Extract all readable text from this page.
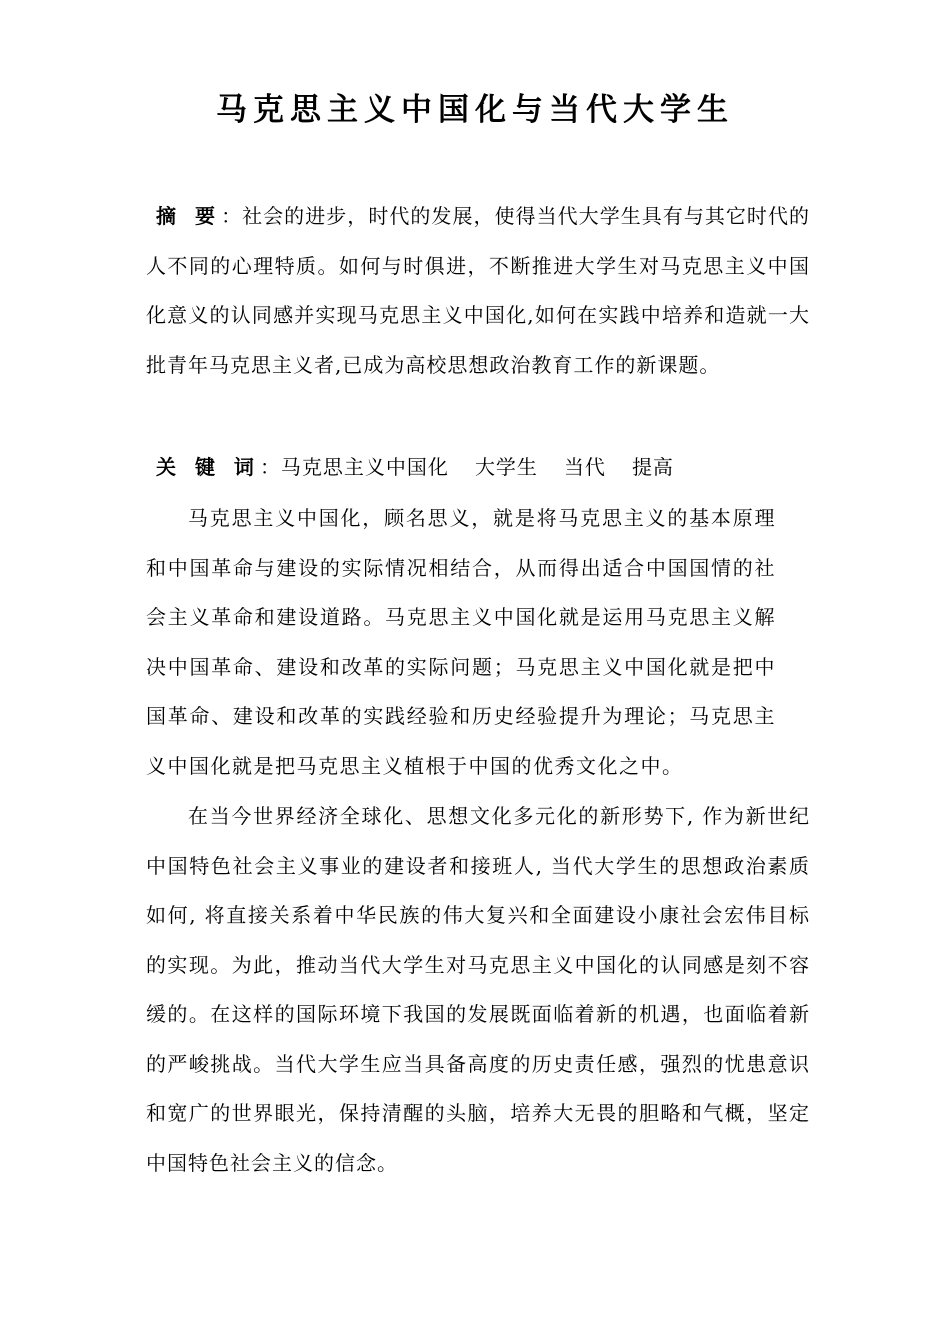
马克思主义中国化与当代大学生
摘 要：社会的进步，时代的发展，使得当代大学生具有与其它时代的人不同的心理特质。如何与时俱进，不断推进大学生对马克思主义中国化意义的认同感并实现马克思主义中国化,如何在实践中培养和造就一大批青年马克思主义者,已成为高校思想政治教育工作的新课题。
关 键 词：马克思主义中国化 大学生 当代 提高
马克思主义中国化，顾名思义，就是将马克思主义的基本原理和中国革命与建设的实际情况相结合，从而得出适合中国国情的社会主义革命和建设道路。马克思主义中国化就是运用马克思主义解决中国革命、建设和改革的实际问题；马克思主义中国化就是把中国革命、建设和改革的实践经验和历史经验提升为理论；马克思主义中国化就是把马克思主义植根于中国的优秀文化之中。
在当今世界经济全球化、思想文化多元化的新形势下, 作为新世纪中国特色社会主义事业的建设者和接班人, 当代大学生的思想政治素质如何, 将直接关系着中华民族的伟大复兴和全面建设小康社会宏伟目标的实现。为此，推动当代大学生对马克思主义中国化的认同感是刻不容缓的。在这样的国际环境下我国的发展既面临着新的机遇，也面临着新的严峻挑战。当代大学生应当具备高度的历史责任感，强烈的忧患意识和宽广的世界眼光，保持清醒的头脑，培养大无畏的胆略和气概，坚定中国特色社会主义的信念。
